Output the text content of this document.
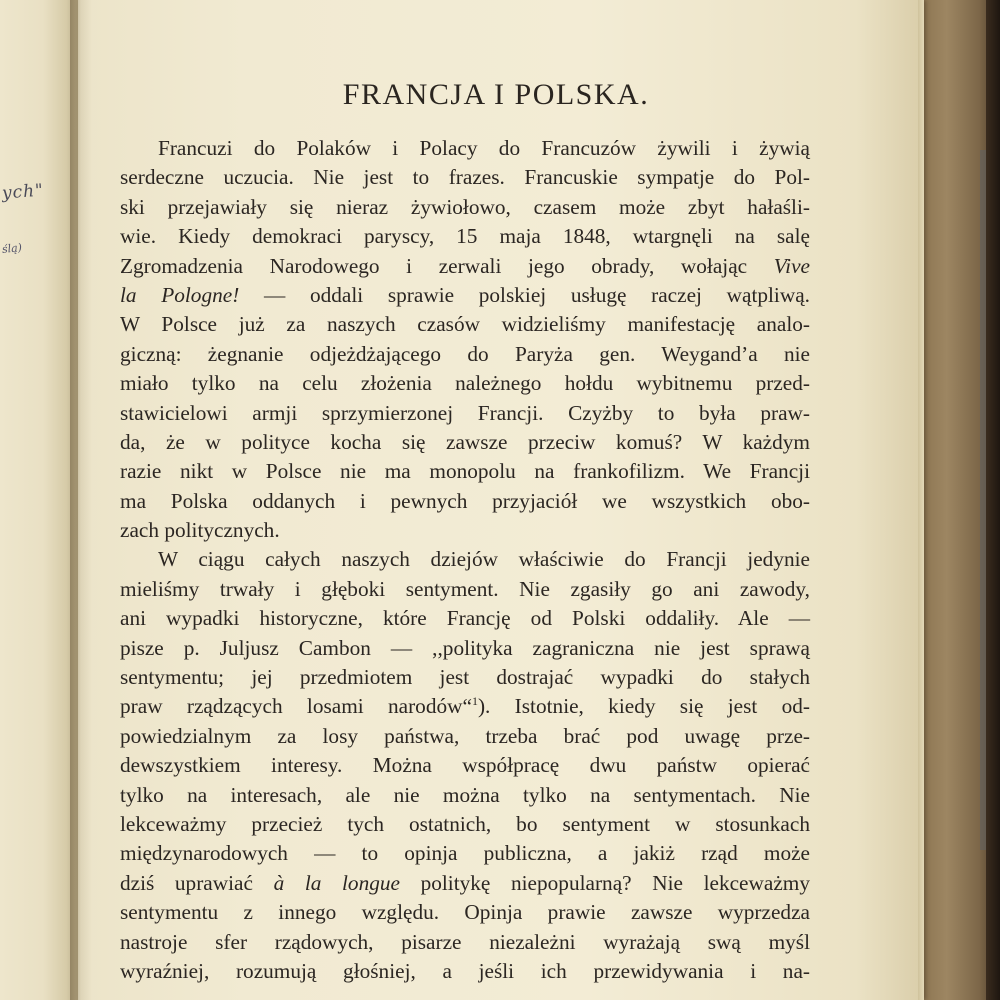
ych"
ślą)
FRANCJA I POLSKA.
Francuzi do Polaków i Polacy do Francuzów żywili i żywią
serdeczne uczucia. Nie jest to frazes. Francuskie sympatje do Pol-
ski przejawiały się nieraz żywiołowo, czasem może zbyt hałaśli-
wie. Kiedy demokraci paryscy, 15 maja 1848, wtargnęli na salę
Zgromadzenia Narodowego i zerwali jego obrady, wołając Vive
la Pologne! — oddali sprawie polskiej usługę raczej wątpliwą.
W Polsce już za naszych czasów widzieliśmy manifestację analo-
giczną: żegnanie odjeżdżającego do Paryża gen. Weygand’a nie
miało tylko na celu złożenia należnego hołdu wybitnemu przed-
stawicielowi armji sprzymierzonej Francji. Czyżby to była praw-
da, że w polityce kocha się zawsze przeciw komuś? W każdym
razie nikt w Polsce nie ma monopolu na frankofilizm. We Francji
ma Polska oddanych i pewnych przyjaciół we wszystkich obo-
zach politycznych.
W ciągu całych naszych dziejów właściwie do Francji jedynie
mieliśmy trwały i głęboki sentyment. Nie zgasiły go ani zawody,
ani wypadki historyczne, które Francję od Polski oddaliły. Ale —
pisze p. Juljusz Cambon — ,,polityka zagraniczna nie jest sprawą
sentymentu; jej przedmiotem jest dostrajać wypadki do stałych
praw rządzących losami narodów“$^1$). Istotnie, kiedy się jest od-
powiedzialnym za losy państwa, trzeba brać pod uwagę prze-
dewszystkiem interesy. Można współpracę dwu państw opierać
tylko na interesach, ale nie można tylko na sentymentach. Nie
lekceważmy przecież tych ostatnich, bo sentyment w stosunkach
międzynarodowych — to opinja publiczna, a jakiż rząd może
dziś uprawiać à la longue politykę niepopularną? Nie lekceważmy
sentymentu z innego względu. Opinja prawie zawsze wyprzedza
nastroje sfer rządowych, pisarze niezależni wyrażają swą myśl
wyraźniej, rozumują głośniej, a jeśli ich przewidywania i na-
